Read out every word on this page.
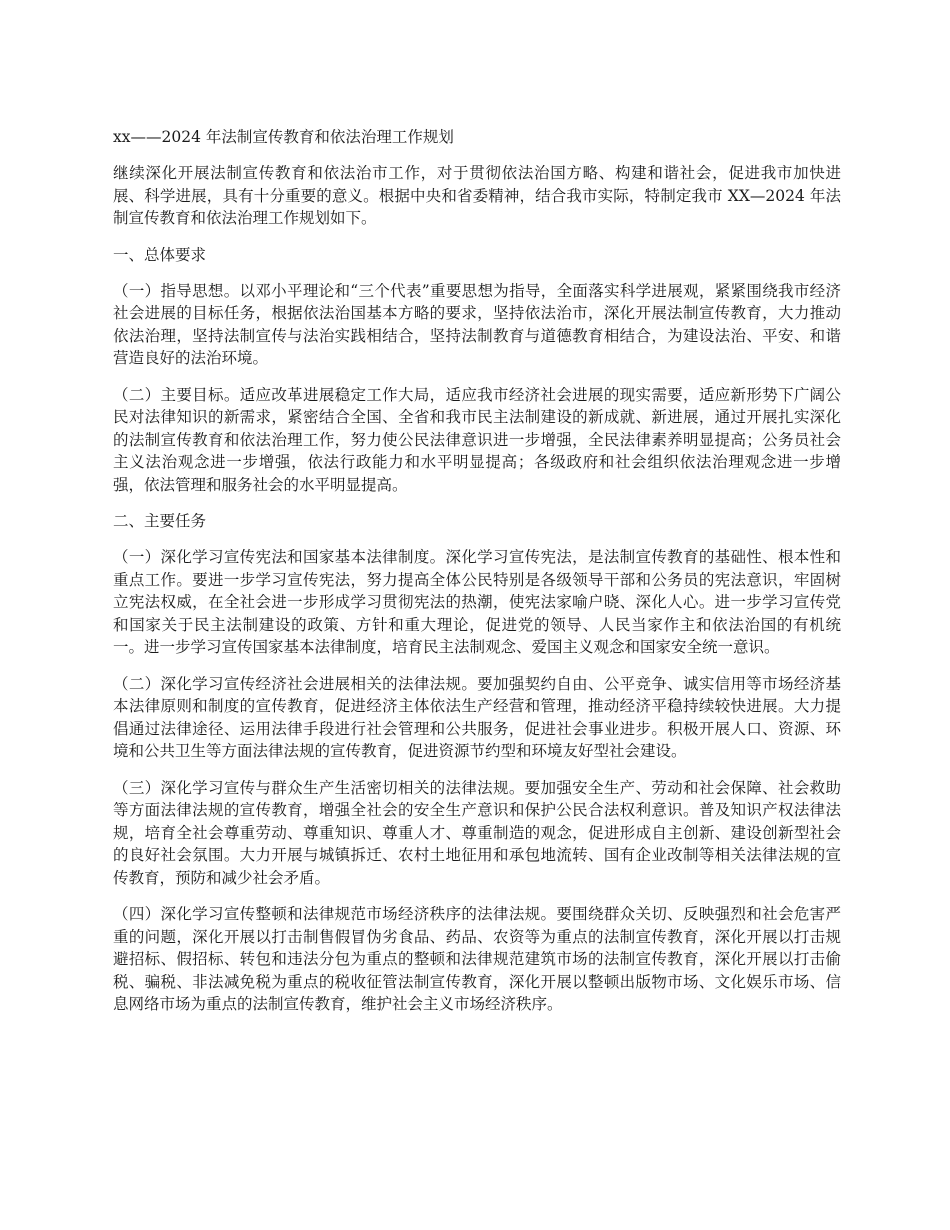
xx——2024 年法制宣传教育和依法治理工作规划

继续深化开展法制宣传教育和依法治市工作，对于贯彻依法治国方略、构建和谐社会，促进我市加快进展、科学进展，具有十分重要的意义。根据中央和省委精神，结合我市实际，特制定我市 XX—2024 年法制宣传教育和依法治理工作规划如下。

一、总体要求

（一）指导思想。以邓小平理论和“三个代表”重要思想为指导，全面落实科学进展观，紧紧围绕我市经济社会进展的目标任务，根据依法治国基本方略的要求，坚持依法治市，深化开展法制宣传教育，大力推动依法治理，坚持法制宣传与法治实践相结合，坚持法制教育与道德教育相结合，为建设法治、平安、和谐营造良好的法治环境。

（二）主要目标。适应改革进展稳定工作大局，适应我市经济社会进展的现实需要，适应新形势下广阔公民对法律知识的新需求，紧密结合全国、全省和我市民主法制建设的新成就、新进展，通过开展扎实深化的法制宣传教育和依法治理工作，努力使公民法律意识进一步增强，全民法律素养明显提高；公务员社会主义法治观念进一步增强，依法行政能力和水平明显提高；各级政府和社会组织依法治理观念进一步增强，依法管理和服务社会的水平明显提高。

二、主要任务

（一）深化学习宣传宪法和国家基本法律制度。深化学习宣传宪法，是法制宣传教育的基础性、根本性和重点工作。要进一步学习宣传宪法，努力提高全体公民特别是各级领导干部和公务员的宪法意识，牢固树立宪法权威，在全社会进一步形成学习贯彻宪法的热潮，使宪法家喻户晓、深化人心。进一步学习宣传党和国家关于民主法制建设的政策、方针和重大理论，促进党的领导、人民当家作主和依法治国的有机统一。进一步学习宣传国家基本法律制度，培育民主法制观念、爱国主义观念和国家安全统一意识。

（二）深化学习宣传经济社会进展相关的法律法规。要加强契约自由、公平竞争、诚实信用等市场经济基本法律原则和制度的宣传教育，促进经济主体依法生产经营和管理，推动经济平稳持续较快进展。大力提倡通过法律途径、运用法律手段进行社会管理和公共服务，促进社会事业进步。积极开展人口、资源、环境和公共卫生等方面法律法规的宣传教育，促进资源节约型和环境友好型社会建设。

（三）深化学习宣传与群众生产生活密切相关的法律法规。要加强安全生产、劳动和社会保障、社会救助等方面法律法规的宣传教育，增强全社会的安全生产意识和保护公民合法权利意识。普及知识产权法律法规，培育全社会尊重劳动、尊重知识、尊重人才、尊重制造的观念，促进形成自主创新、建设创新型社会的良好社会氛围。大力开展与城镇拆迁、农村土地征用和承包地流转、国有企业改制等相关法律法规的宣传教育，预防和减少社会矛盾。

（四）深化学习宣传整顿和法律规范市场经济秩序的法律法规。要围绕群众关切、反映强烈和社会危害严重的问题，深化开展以打击制售假冒伪劣食品、药品、农资等为重点的法制宣传教育，深化开展以打击规避招标、假招标、转包和违法分包为重点的整顿和法律规范建筑市场的法制宣传教育，深化开展以打击偷税、骗税、非法减免税为重点的税收征管法制宣传教育，深化开展以整顿出版物市场、文化娱乐市场、信息网络市场为重点的法制宣传教育，维护社会主义市场经济秩序。
